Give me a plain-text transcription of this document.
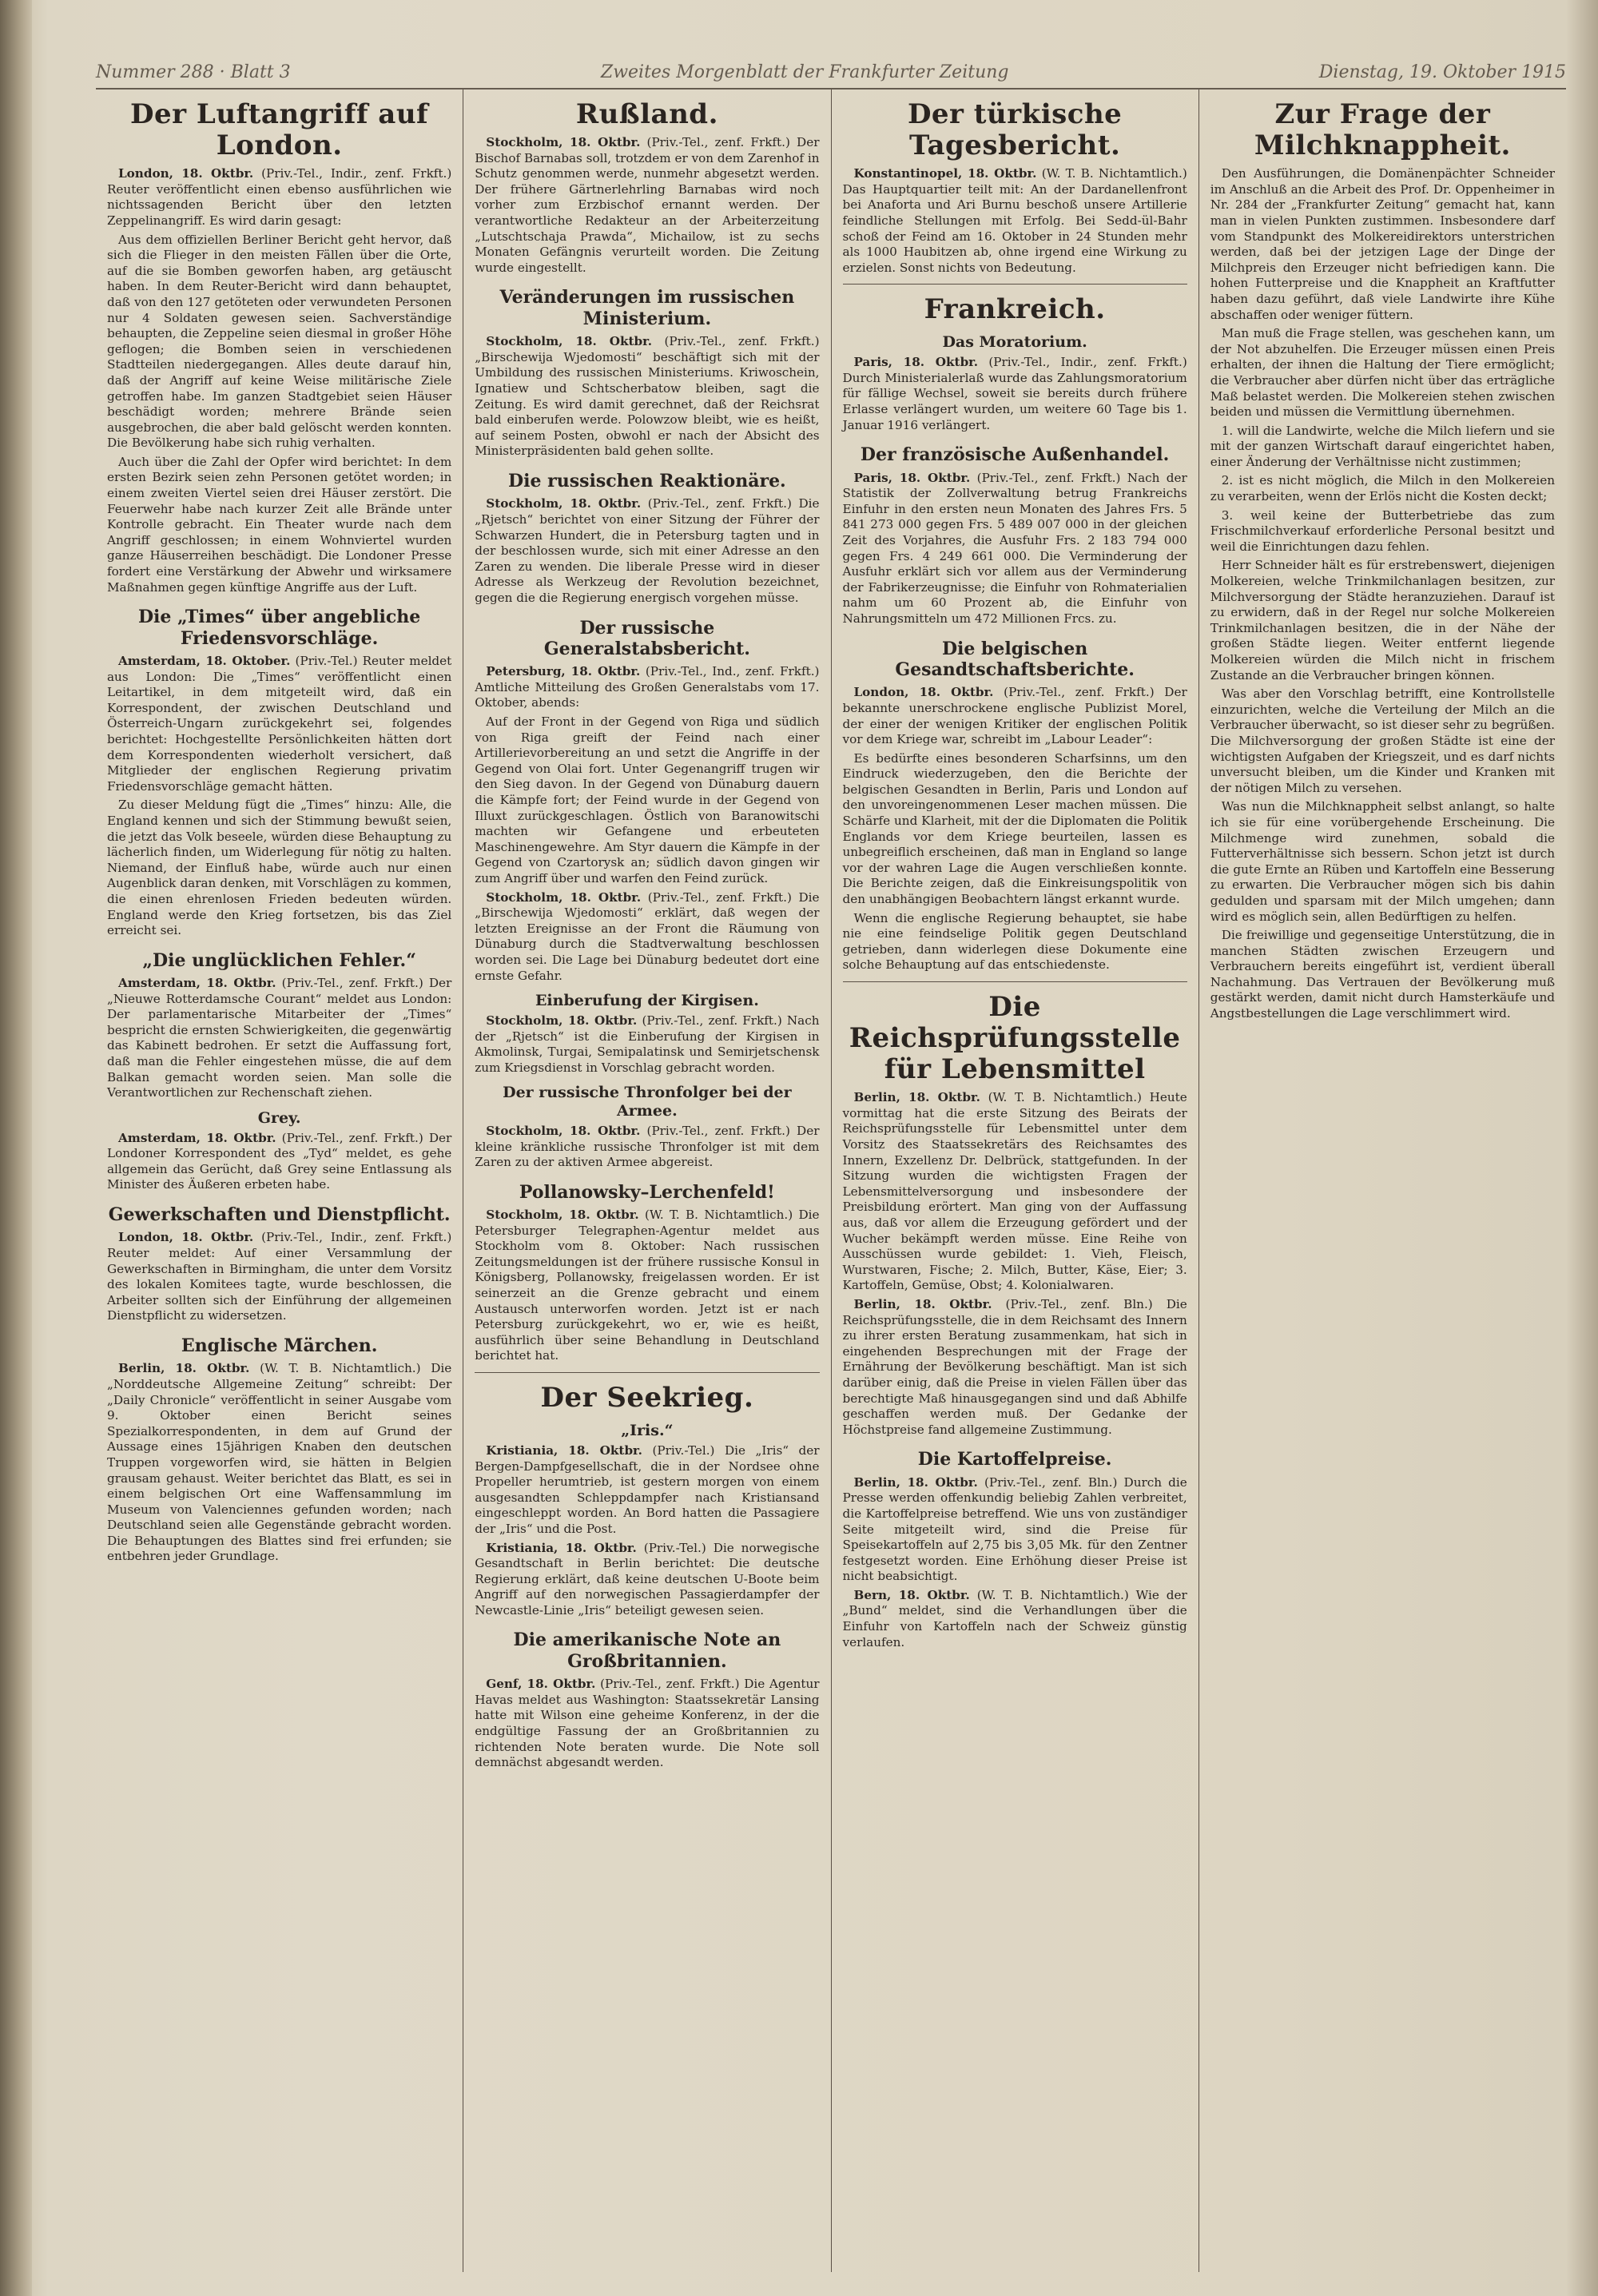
Nummer 288 · Blatt 3	Zweites Morgenblatt der Frankfurter Zeitung	Dienstag, 19. Oktober 1915
Der Luftangriff auf London.

London, 18. Oktbr. (Priv.-Tel., Indir., zenf. Frkft.) Reuter veröffentlicht einen ebenso ausführlichen wie nichtssagenden Bericht über den letzten Zeppelinangriff. Es wird darin gesagt:

Aus dem offiziellen Berliner Bericht geht hervor, daß sich die Flieger in den meisten Fällen über die Orte, auf die sie Bomben geworfen haben, arg getäuscht haben. In dem Reuter-Bericht wird dann behauptet, daß von den 127 getöteten oder verwundeten Personen nur 4 Soldaten gewesen seien. Sachverständige behaupten, die Zeppeline seien diesmal in großer Höhe geflogen; die Bomben seien in verschiedenen Stadtteilen niedergegangen. Alles deute darauf hin, daß der Angriff auf keine Weise militärische Ziele getroffen habe. Im ganzen Stadtgebiet seien Häuser beschädigt worden; mehrere Brände seien ausgebrochen, die aber bald gelöscht werden konnten. Die Bevölkerung habe sich ruhig verhalten.

Auch über die Zahl der Opfer wird berichtet: In dem ersten Bezirk seien zehn Personen getötet worden; in einem zweiten Viertel seien drei Häuser zerstört. Die Feuerwehr habe nach kurzer Zeit alle Brände unter Kontrolle gebracht. Ein Theater wurde nach dem Angriff geschlossen; in einem Wohnviertel wurden ganze Häuserreihen beschädigt. Die Londoner Presse fordert eine Verstärkung der Abwehr und wirksamere Maßnahmen gegen künftige Angriffe aus der Luft.

Die „Times“ über angebliche Friedensvorschläge.

Amsterdam, 18. Oktober. (Priv.-Tel.) Reuter meldet aus London: Die „Times“ veröffentlicht einen Leitartikel, in dem mitgeteilt wird, daß ein Korrespondent, der zwischen Deutschland und Österreich-Ungarn zurückgekehrt sei, folgendes berichtet: Hochgestellte Persönlichkeiten hätten dort dem Korrespondenten wiederholt versichert, daß Mitglieder der englischen Regierung privatim Friedensvorschläge gemacht hätten.

Zu dieser Meldung fügt die „Times“ hinzu: Alle, die England kennen und sich der Stimmung bewußt seien, die jetzt das Volk beseele, würden diese Behauptung zu lächerlich finden, um Widerlegung für nötig zu halten. Niemand, der Einfluß habe, würde auch nur einen Augenblick daran denken, mit Vorschlägen zu kommen, die einen ehrenlosen Frieden bedeuten würden. England werde den Krieg fortsetzen, bis das Ziel erreicht sei.

„Die unglücklichen Fehler.“

Amsterdam, 18. Oktbr. (Priv.-Tel., zenf. Frkft.) Der „Nieuwe Rotterdamsche Courant“ meldet aus London: Der parlamentarische Mitarbeiter der „Times“ bespricht die ernsten Schwierigkeiten, die gegenwärtig das Kabinett bedrohen. Er setzt die Auffassung fort, daß man die Fehler eingestehen müsse, die auf dem Balkan gemacht worden seien. Man solle die Verantwortlichen zur Rechenschaft ziehen.

Grey.

Amsterdam, 18. Oktbr. (Priv.-Tel., zenf. Frkft.) Der Londoner Korrespondent des „Tyd“ meldet, es gehe allgemein das Gerücht, daß Grey seine Entlassung als Minister des Äußeren erbeten habe.

Gewerkschaften und Dienstpflicht.

London, 18. Oktbr. (Priv.-Tel., Indir., zenf. Frkft.) Reuter meldet: Auf einer Versammlung der Gewerkschaften in Birmingham, die unter dem Vorsitz des lokalen Komitees tagte, wurde beschlossen, die Arbeiter sollten sich der Einführung der allgemeinen Dienstpflicht zu widersetzen.

Englische Märchen.

Berlin, 18. Oktbr. (W. T. B. Nichtamtlich.) Die „Norddeutsche Allgemeine Zeitung“ schreibt: Der „Daily Chronicle“ veröffentlicht in seiner Ausgabe vom 9. Oktober einen Bericht seines Spezialkorrespondenten, in dem auf Grund der Aussage eines 15jährigen Knaben den deutschen Truppen vorgeworfen wird, sie hätten in Belgien grausam gehaust. Weiter berichtet das Blatt, es sei in einem belgischen Ort eine Waffensammlung im Museum von Valenciennes gefunden worden; nach Deutschland seien alle Gegenstände gebracht worden. Die Behauptungen des Blattes sind frei erfunden; sie entbehren jeder Grundlage.

Rußland.

Stockholm, 18. Oktbr. (Priv.-Tel., zenf. Frkft.) Der Bischof Barnabas soll, trotzdem er von dem Zarenhof in Schutz genommen werde, nunmehr abgesetzt werden. Der frühere Gärtnerlehrling Barnabas wird noch vorher zum Erzbischof ernannt werden. Der verantwortliche Redakteur an der Arbeiterzeitung „Lutschtschaja Prawda“, Michailow, ist zu sechs Monaten Gefängnis verurteilt worden. Die Zeitung wurde eingestellt.

Veränderungen im russischen Ministerium.

Stockholm, 18. Oktbr. (Priv.-Tel., zenf. Frkft.) „Birschewija Wjedomosti“ beschäftigt sich mit der Umbildung des russischen Ministeriums. Kriwoschein, Ignatiew und Schtscherbatow bleiben, sagt die Zeitung. Es wird damit gerechnet, daß der Reichsrat bald einberufen werde. Polowzow bleibt, wie es heißt, auf seinem Posten, obwohl er nach der Absicht des Ministerpräsidenten bald gehen sollte.

Die russischen Reaktionäre.

Stockholm, 18. Oktbr. (Priv.-Tel., zenf. Frkft.) Die „Rjetsch“ berichtet von einer Sitzung der Führer der Schwarzen Hundert, die in Petersburg tagten und in der beschlossen wurde, sich mit einer Adresse an den Zaren zu wenden. Die liberale Presse wird in dieser Adresse als Werkzeug der Revolution bezeichnet, gegen die die Regierung energisch vorgehen müsse.

Der russische Generalstabsbericht.

Petersburg, 18. Oktbr. (Priv.-Tel., Ind., zenf. Frkft.) Amtliche Mitteilung des Großen Generalstabs vom 17. Oktober, abends:

Auf der Front in der Gegend von Riga und südlich von Riga greift der Feind nach einer Artillerievorbereitung an und setzt die Angriffe in der Gegend von Olai fort. Unter Gegenangriff trugen wir den Sieg davon. In der Gegend von Dünaburg dauern die Kämpfe fort; der Feind wurde in der Gegend von Illuxt zurückgeschlagen. Östlich von Baranowitschi machten wir Gefangene und erbeuteten Maschinengewehre. Am Styr dauern die Kämpfe in der Gegend von Czartorysk an; südlich davon gingen wir zum Angriff über und warfen den Feind zurück.

Stockholm, 18. Oktbr. (Priv.-Tel., zenf. Frkft.) Die „Birschewija Wjedomosti“ erklärt, daß wegen der letzten Ereignisse an der Front die Räumung von Dünaburg durch die Stadtverwaltung beschlossen worden sei. Die Lage bei Dünaburg bedeutet dort eine ernste Gefahr.

Einberufung der Kirgisen.

Stockholm, 18. Oktbr. (Priv.-Tel., zenf. Frkft.) Nach der „Rjetsch“ ist die Einberufung der Kirgisen in Akmolinsk, Turgai, Semipalatinsk und Semirjetschensk zum Kriegsdienst in Vorschlag gebracht worden.

Der russische Thronfolger bei der Armee.

Stockholm, 18. Oktbr. (Priv.-Tel., zenf. Frkft.) Der kleine kränkliche russische Thronfolger ist mit dem Zaren zu der aktiven Armee abgereist.

Pollanowsky–Lerchenfeld!

Stockholm, 18. Oktbr. (W. T. B. Nichtamtlich.) Die Petersburger Telegraphen-Agentur meldet aus Stockholm vom 8. Oktober: Nach russischen Zeitungsmeldungen ist der frühere russische Konsul in Königsberg, Pollanowsky, freigelassen worden. Er ist seinerzeit an die Grenze gebracht und einem Austausch unterworfen worden. Jetzt ist er nach Petersburg zurückgekehrt, wo er, wie es heißt, ausführlich über seine Behandlung in Deutschland berichtet hat.

Der Seekrieg.
„Iris.“

Kristiania, 18. Oktbr. (Priv.-Tel.) Die „Iris“ der Bergen-Dampfgesellschaft, die in der Nordsee ohne Propeller herumtrieb, ist gestern morgen von einem ausgesandten Schleppdampfer nach Kristiansand eingeschleppt worden. An Bord hatten die Passagiere der „Iris“ und die Post.

Kristiania, 18. Oktbr. (Priv.-Tel.) Die norwegische Gesandtschaft in Berlin berichtet: Die deutsche Regierung erklärt, daß keine deutschen U-Boote beim Angriff auf den norwegischen Passagierdampfer der Newcastle-Linie „Iris“ beteiligt gewesen seien.

Die amerikanische Note an Großbritannien.

Genf, 18. Oktbr. (Priv.-Tel., zenf. Frkft.) Die Agentur Havas meldet aus Washington: Staatssekretär Lansing hatte mit Wilson eine geheime Konferenz, in der die endgültige Fassung der an Großbritannien zu richtenden Note beraten wurde. Die Note soll demnächst abgesandt werden.

Der türkische Tagesbericht.

Konstantinopel, 18. Oktbr. (W. T. B. Nichtamtlich.) Das Hauptquartier teilt mit: An der Dardanellenfront bei Anaforta und Ari Burnu beschoß unsere Artillerie feindliche Stellungen mit Erfolg. Bei Sedd-ül-Bahr schoß der Feind am 16. Oktober in 24 Stunden mehr als 1000 Haubitzen ab, ohne irgend eine Wirkung zu erzielen. Sonst nichts von Bedeutung.

Frankreich.
Das Moratorium.

Paris, 18. Oktbr. (Priv.-Tel., Indir., zenf. Frkft.) Durch Ministerialerlaß wurde das Zahlungsmoratorium für fällige Wechsel, soweit sie bereits durch frühere Erlasse verlängert wurden, um weitere 60 Tage bis 1. Januar 1916 verlängert.

Der französische Außenhandel.

Paris, 18. Oktbr. (Priv.-Tel., zenf. Frkft.) Nach der Statistik der Zollverwaltung betrug Frankreichs Einfuhr in den ersten neun Monaten des Jahres Frs. 5 841 273 000 gegen Frs. 5 489 007 000 in der gleichen Zeit des Vorjahres, die Ausfuhr Frs. 2 183 794 000 gegen Frs. 4 249 661 000. Die Verminderung der Ausfuhr erklärt sich vor allem aus der Verminderung der Fabrikerzeugnisse; die Einfuhr von Rohmaterialien nahm um 60 Prozent ab, die Einfuhr von Nahrungsmitteln um 472 Millionen Frcs. zu.

Die belgischen Gesandtschaftsberichte.

London, 18. Oktbr. (Priv.-Tel., zenf. Frkft.) Der bekannte unerschrockene englische Publizist Morel, der einer der wenigen Kritiker der englischen Politik vor dem Kriege war, schreibt im „Labour Leader“:

Es bedürfte eines besonderen Scharfsinns, um den Eindruck wiederzugeben, den die Berichte der belgischen Gesandten in Berlin, Paris und London auf den unvoreingenommenen Leser machen müssen. Die Schärfe und Klarheit, mit der die Diplomaten die Politik Englands vor dem Kriege beurteilen, lassen es unbegreiflich erscheinen, daß man in England so lange vor der wahren Lage die Augen verschließen konnte. Die Berichte zeigen, daß die Einkreisungspolitik von den unabhängigen Beobachtern längst erkannt wurde.

Wenn die englische Regierung behauptet, sie habe nie eine feindselige Politik gegen Deutschland getrieben, dann widerlegen diese Dokumente eine solche Behauptung auf das entschiedenste.

Die Reichsprüfungsstelle für Lebensmittel

Berlin, 18. Oktbr. (W. T. B. Nichtamtlich.) Heute vormittag hat die erste Sitzung des Beirats der Reichsprüfungsstelle für Lebensmittel unter dem Vorsitz des Staatssekretärs des Reichsamtes des Innern, Exzellenz Dr. Delbrück, stattgefunden. In der Sitzung wurden die wichtigsten Fragen der Lebensmittelversorgung und insbesondere der Preisbildung erörtert. Man ging von der Auffassung aus, daß vor allem die Erzeugung gefördert und der Wucher bekämpft werden müsse. Eine Reihe von Ausschüssen wurde gebildet: 1. Vieh, Fleisch, Wurstwaren, Fische; 2. Milch, Butter, Käse, Eier; 3. Kartoffeln, Gemüse, Obst; 4. Kolonialwaren.

Berlin, 18. Oktbr. (Priv.-Tel., zenf. Bln.) Die Reichsprüfungsstelle, die in dem Reichsamt des Innern zu ihrer ersten Beratung zusammenkam, hat sich in eingehenden Besprechungen mit der Frage der Ernährung der Bevölkerung beschäftigt. Man ist sich darüber einig, daß die Preise in vielen Fällen über das berechtigte Maß hinausgegangen sind und daß Abhilfe geschaffen werden muß. Der Gedanke der Höchstpreise fand allgemeine Zustimmung.

Die Kartoffelpreise.

Berlin, 18. Oktbr. (Priv.-Tel., zenf. Bln.) Durch die Presse werden offenkundig beliebig Zahlen verbreitet, die Kartoffelpreise betreffend. Wie uns von zuständiger Seite mitgeteilt wird, sind die Preise für Speisekartoffeln auf 2,75 bis 3,05 Mk. für den Zentner festgesetzt worden. Eine Erhöhung dieser Preise ist nicht beabsichtigt.

Bern, 18. Oktbr. (W. T. B. Nichtamtlich.) Wie der „Bund“ meldet, sind die Verhandlungen über die Einfuhr von Kartoffeln nach der Schweiz günstig verlaufen.

Zur Frage der Milchknappheit.

Den Ausführungen, die Domänenpächter Schneider im Anschluß an die Arbeit des Prof. Dr. Oppenheimer in Nr. 284 der „Frankfurter Zeitung“ gemacht hat, kann man in vielen Punkten zustimmen. Insbesondere darf vom Standpunkt des Molkereidirektors unterstrichen werden, daß bei der jetzigen Lage der Dinge der Milchpreis den Erzeuger nicht befriedigen kann. Die hohen Futterpreise und die Knappheit an Kraftfutter haben dazu geführt, daß viele Landwirte ihre Kühe abschaffen oder weniger füttern.

Man muß die Frage stellen, was geschehen kann, um der Not abzuhelfen. Die Erzeuger müssen einen Preis erhalten, der ihnen die Haltung der Tiere ermöglicht; die Verbraucher aber dürfen nicht über das erträgliche Maß belastet werden. Die Molkereien stehen zwischen beiden und müssen die Vermittlung übernehmen.

1. will die Landwirte, welche die Milch liefern und sie mit der ganzen Wirtschaft darauf eingerichtet haben, einer Änderung der Verhältnisse nicht zustimmen;

2. ist es nicht möglich, die Milch in den Molkereien zu verarbeiten, wenn der Erlös nicht die Kosten deckt;

3. weil keine der Butterbetriebe das zum Frischmilchverkauf erforderliche Personal besitzt und weil die Einrichtungen dazu fehlen.

Herr Schneider hält es für erstrebenswert, diejenigen Molkereien, welche Trinkmilchanlagen besitzen, zur Milchversorgung der Städte heranzuziehen. Darauf ist zu erwidern, daß in der Regel nur solche Molkereien Trinkmilchanlagen besitzen, die in der Nähe der großen Städte liegen. Weiter entfernt liegende Molkereien würden die Milch nicht in frischem Zustande an die Verbraucher bringen können.

Was aber den Vorschlag betrifft, eine Kontrollstelle einzurichten, welche die Verteilung der Milch an die Verbraucher überwacht, so ist dieser sehr zu begrüßen. Die Milchversorgung der großen Städte ist eine der wichtigsten Aufgaben der Kriegszeit, und es darf nichts unversucht bleiben, um die Kinder und Kranken mit der nötigen Milch zu versehen.

Was nun die Milchknappheit selbst anlangt, so halte ich sie für eine vorübergehende Erscheinung. Die Milchmenge wird zunehmen, sobald die Futterverhältnisse sich bessern. Schon jetzt ist durch die gute Ernte an Rüben und Kartoffeln eine Besserung zu erwarten. Die Verbraucher mögen sich bis dahin gedulden und sparsam mit der Milch umgehen; dann wird es möglich sein, allen Bedürftigen zu helfen.

Die freiwillige und gegenseitige Unterstützung, die in manchen Städten zwischen Erzeugern und Verbrauchern bereits eingeführt ist, verdient überall Nachahmung. Das Vertrauen der Bevölkerung muß gestärkt werden, damit nicht durch Hamsterkäufe und Angstbestellungen die Lage verschlimmert wird.
